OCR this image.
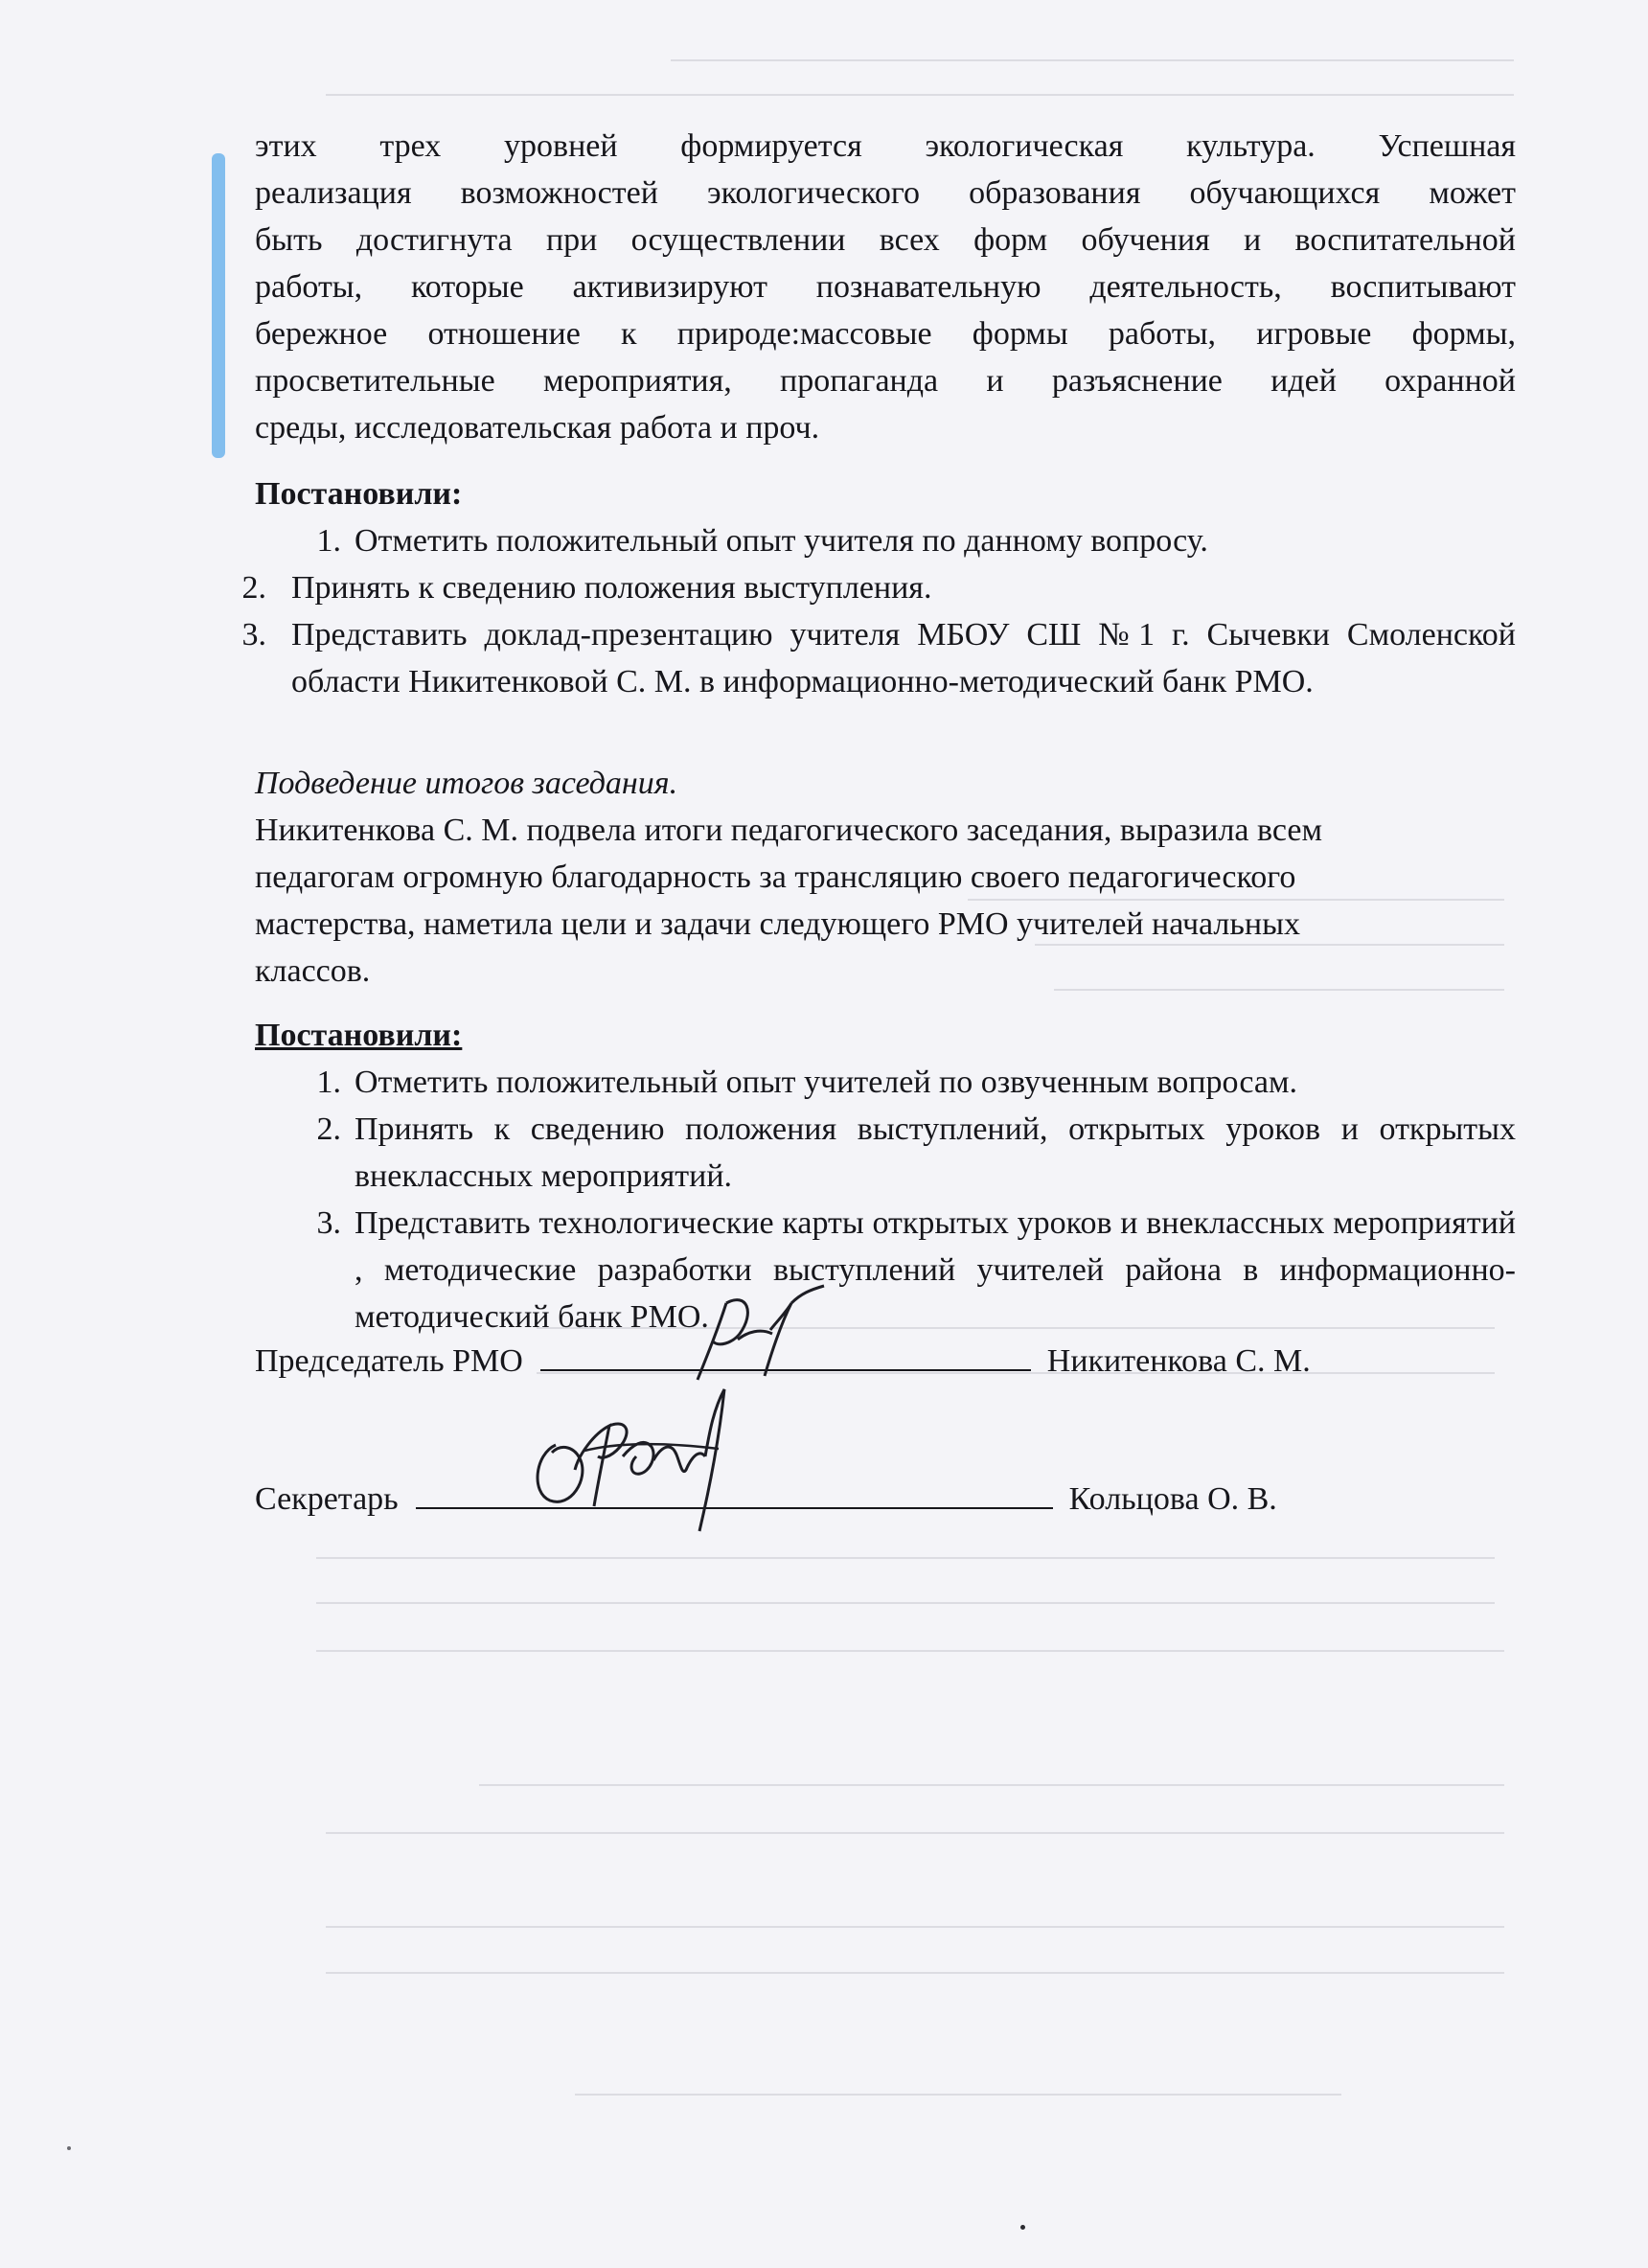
этих трех уровней формируется экологическая культура. Успешная

реализация возможностей экологического образования обучающихся может

быть достигнута при осуществлении всех форм обучения и воспитательной

работы, которые активизируют познавательную деятельность, воспитывают

бережное отношение к природе:массовые формы работы, игровые формы,

просветительные мероприятия, пропаганда и разъяснение идей охранной

среды, исследовательская работа и проч.

Постановили:

1. Отметить положительный опыт учителя по данному вопросу.
2. Принять к сведению положения выступления.
3. Представить доклад-презентацию учителя МБОУ СШ №1 г. Сычевки Смоленской области Никитенковой С. М. в информационно-методический банк РМО.

Подведение итогов заседания.

Никитенкова С. М. подвела итоги педагогического заседания, выразила всем

педагогам огромную благодарность за трансляцию своего педагогического

мастерства, наметила цели и задачи следующего РМО учителей начальных

классов.

Постановили:

1. Отметить положительный опыт учителей по озвученным вопросам.
2. Принять к сведению положения выступлений, открытых уроков и открытых внеклассных мероприятий.
3. Представить технологические карты открытых уроков и внеклассных мероприятий , методические разработки выступлений учителей района в информационно-методический банк РМО.
Председатель РМО	Никитенкова С. М.
Секретарь	Кольцова О. В.
